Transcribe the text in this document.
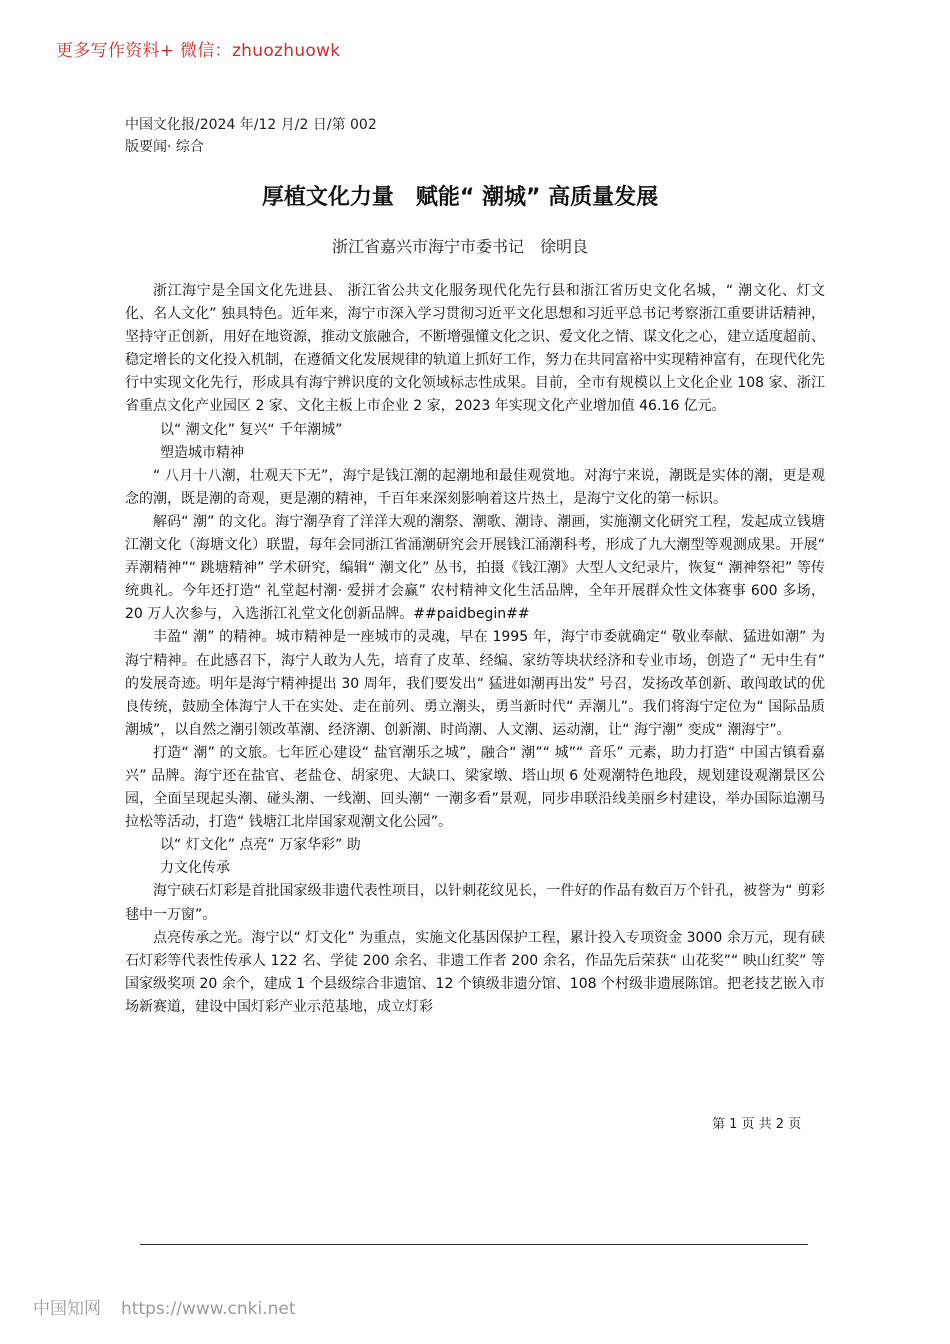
更多写作资料+ 微信：zhuozhuowk
中国文化报/2024 年/12 月/2 日/第 002
版要闻· 综合
厚植文化力量　赋能“ 潮城” 高质量发展
浙江省嘉兴市海宁市委书记　徐明良

浙江海宁是全国文化先进县、 浙江省公共文化服务现代化先行县和浙江省历史文化名城，“ 潮文化、灯文化、名人文化” 独具特色。近年来，海宁市深入学习贯彻习近平文化思想和习近平总书记考察浙江重要讲话精神，坚持守正创新，用好在地资源，推动文旅融合，不断增强懂文化之识、爱文化之情、谋文化之心，建立适度超前、稳定增长的文化投入机制，在遵循文化发展规律的轨道上抓好工作，努力在共同富裕中实现精神富有，在现代化先行中实现文化先行，形成具有海宁辨识度的文化领域标志性成果。目前，全市有规模以上文化企业 108 家、浙江省重点文化产业园区 2 家、文化主板上市企业 2 家，2023 年实现文化产业增加值 46.16 亿元。

以“ 潮文化” 复兴“ 千年潮城”

塑造城市精神

“ 八月十八潮，壮观天下无”，海宁是钱江潮的起潮地和最佳观赏地。对海宁来说，潮既是实体的潮，更是观念的潮，既是潮的奇观，更是潮的精神，千百年来深刻影响着这片热土，是海宁文化的第一标识。

解码“ 潮” 的文化。海宁潮孕育了洋洋大观的潮祭、潮歌、潮诗、潮画，实施潮文化研究工程，发起成立钱塘江潮文化（海塘文化）联盟，每年会同浙江省涌潮研究会开展钱江涌潮科考，形成了九大潮型等观测成果。开展“ 弄潮精神”“ 跳塘精神” 学术研究，编辑“ 潮文化” 丛书，拍摄《钱江潮》大型人文纪录片，恢复“ 潮神祭祀” 等传统典礼。今年还打造“ 礼堂起村潮· 爱拼才会赢” 农村精神文化生活品牌，全年开展群众性文体赛事 600 多场，20 万人次参与，入选浙江礼堂文化创新品牌。##paidbegin##

丰盈“ 潮” 的精神。城市精神是一座城市的灵魂，早在 1995 年，海宁市委就确定“ 敬业奉献、猛进如潮” 为海宁精神。在此感召下，海宁人敢为人先，培育了皮革、经编、家纺等块状经济和专业市场，创造了“ 无中生有” 的发展奇迹。明年是海宁精神提出 30 周年，我们要发出“ 猛进如潮再出发” 号召，发扬改革创新、敢闯敢试的优良传统，鼓励全体海宁人干在实处、走在前列、勇立潮头，勇当新时代“ 弄潮儿”。我们将海宁定位为“ 国际品质潮城”，以自然之潮引领改革潮、经济潮、创新潮、时尚潮、人文潮、运动潮，让“ 海宁潮” 变成“ 潮海宁”。

打造“ 潮” 的文旅。七年匠心建设“ 盐官潮乐之城”，融合“ 潮”“ 城”“ 音乐” 元素，助力打造“ 中国古镇看嘉兴” 品牌。海宁还在盐官、老盐仓、胡家兜、大缺口、梁家墩、塔山坝 6 处观潮特色地段，规划建设观潮景区公园，全面呈现起头潮、碰头潮、一线潮、回头潮“ 一潮多看”景观，同步串联沿线美丽乡村建设，举办国际追潮马拉松等活动，打造“ 钱塘江北岸国家观潮文化公园”。

以“ 灯文化” 点亮“ 万家华彩” 助

力文化传承

海宁硖石灯彩是首批国家级非遗代表性项目，以针刺花纹见长，一件好的作品有数百万个针孔，被誉为“ 剪彩毬中一万窗”。

点亮传承之光。海宁以“ 灯文化” 为重点，实施文化基因保护工程，累计投入专项资金 3000 余万元，现有硖石灯彩等代表性传承人 122 名、学徒 200 余名、非遗工作者 200 余名，作品先后荣获“ 山花奖”“ 映山红奖” 等国家级奖项 20 余个，建成 1 个县级综合非遗馆、12 个镇级非遗分馆、108 个村级非遗展陈馆。把老技艺嵌入市场新赛道，建设中国灯彩产业示范基地，成立灯彩

第 1 页 共 2 页
中国知网 https://www.cnki.net
